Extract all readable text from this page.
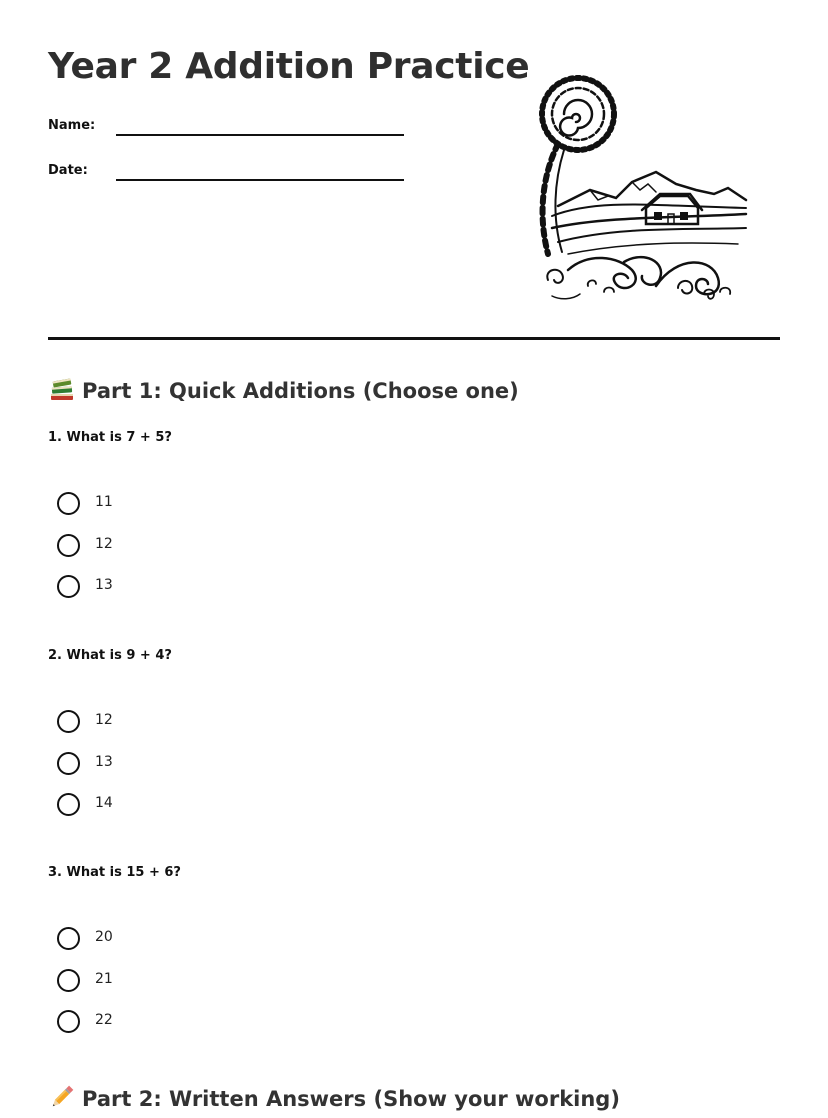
Year 2 Addition Practice
Name:
Date:
Part 1: Quick Additions (Choose one)

1. What is 7 + 5?

11
12
13

2. What is 9 + 4?

12
13
14

3. What is 15 + 6?

20
21
22
Part 2: Written Answers (Show your working)
